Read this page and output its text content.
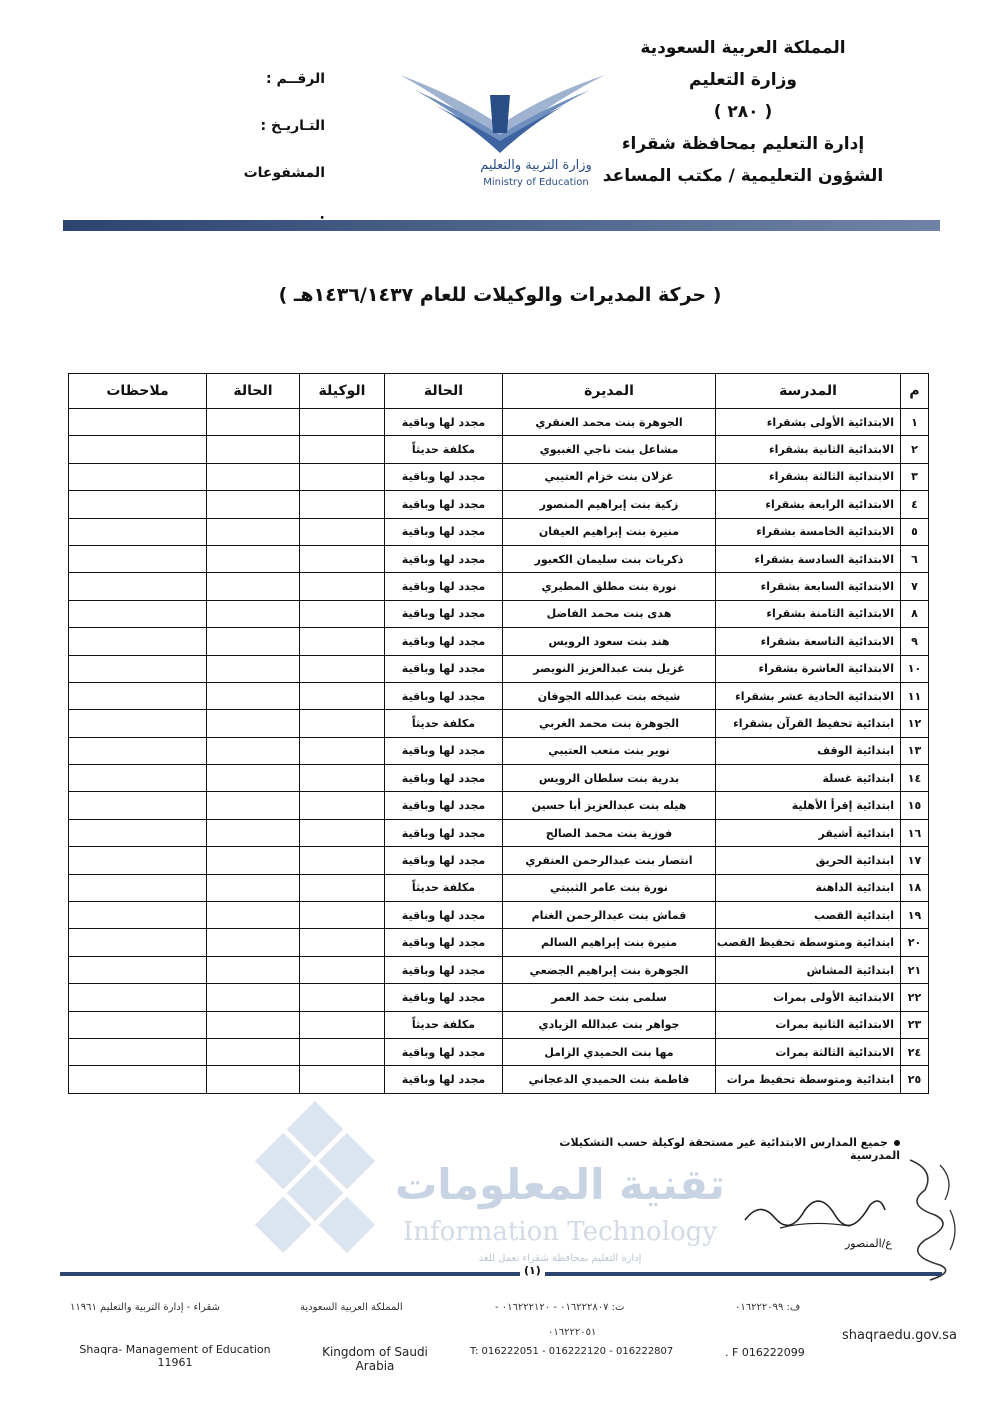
المملكة العربية السعودية
وزارة التعليم
( ٢٨٠ )
إدارة التعليم بمحافظة شقراء
الشؤون التعليمية / مكتب المساعد
الرقــم :
التـاريـخ :
المشفوعات	وزارة التربية والتعليم
Ministry of Education
( حركة المديرات والوكيلات للعام ١٤٣٦/١٤٣٧هـ )
م	المدرسة	المديرة	الحالة	الوكيلة	الحالة	ملاحظات
١	الابتدائية الأولى بشقراء	الجوهرة بنت محمد العنقري	مجدد لها وباقية			
٢	الابتدائية الثانية بشقراء	مشاعل بنت ناجي الغبيوي	مكلفة حديثاً			
٣	الابتدائية الثالثة بشقراء	غزلان بنت خزام العتيبي	مجدد لها وباقية			
٤	الابتدائية الرابعة بشقراء	زكية بنت إبراهيم المنصور	مجدد لها وباقية			
٥	الابتدائية الخامسة بشقراء	منيرة بنت إبراهيم العيفان	مجدد لها وباقية			
٦	الابتدائية السادسة بشقراء	ذكريات بنت سليمان الكعبور	مجدد لها وباقية			
٧	الابتدائية السابعة بشقراء	نورة بنت مطلق المطيري	مجدد لها وباقية			
٨	الابتدائية الثامنة بشقراء	هدى بنت محمد الفاضل	مجدد لها وباقية			
٩	الابتدائية التاسعة بشقراء	هند بنت سعود الرويس	مجدد لها وباقية			
١٠	الابتدائية العاشرة بشقراء	غزيل بنت عبدالعزيز النويصر	مجدد لها وباقية			
١١	الابتدائية الحادية عشر بشقراء	شيخه بنت عبدالله الجوفان	مجدد لها وباقية			
١٢	ابتدائية تحفيظ القرآن بشقراء	الجوهرة بنت محمد الغربي	مكلفة حديثاً			
١٣	ابتدائية الوقف	نوير بنت متعب العتيبي	مجدد لها وباقية			
١٤	ابتدائية غسلة	بدرية بنت سلطان الرويس	مجدد لها وباقية			
١٥	ابتدائية إقرأ الأهلية	هيله بنت عبدالعزيز أبا حسين	مجدد لها وباقية			
١٦	ابتدائية أشيقر	فوزية بنت محمد الصالح	مجدد لها وباقية			
١٧	ابتدائية الحريق	انتصار بنت عبدالرحمن العنقري	مجدد لها وباقية			
١٨	ابتدائية الداهنة	نورة بنت عامر الثبيتي	مكلفة حديثاً			
١٩	ابتدائية القصب	قماش بنت عبدالرحمن الغنام	مجدد لها وباقية			
٢٠	ابتدائية ومتوسطة تحفيظ القصب	منيرة بنت إبراهيم السالم	مجدد لها وباقية			
٢١	ابتدائية المشاش	الجوهرة بنت إبراهيم الجضعي	مجدد لها وباقية			
٢٢	الابتدائية الأولى بمرات	سلمى بنت حمد العمر	مجدد لها وباقية			
٢٣	الابتدائية الثانية بمرات	جواهر بنت عبدالله الزيادي	مكلفة حديثاً			
٢٤	الابتدائية الثالثة بمرات	مها بنت الحميدي الزامل	مجدد لها وباقية			
٢٥	ابتدائية ومتوسطة تحفيظ مرات	فاطمة بنت الحميدي الدعجاني	مجدد لها وباقية			
جميع المدارس الابتدائية غير مستحقة لوكيلة حسب التشكيلات المدرسية
تقنية المعلومات
Information Technology
إدارة التعليم بمحافظة شقراء نعمل للغد
ع/المنصور
(١)
شقراء - إدارة التربية والتعليم ١١٩٦١	المملكة العربية السعودية	ت: ٠١٦٢٢٢٨٠٧ - ٠١٦٢٢٢١٢٠ -
٠١٦٢٢٢٠٥١
ف: ٠١٦٢٢٢٠٩٩
Shaqra- Management of Education
11961
Kingdom of Saudi
Arabia
T: 016222051 - 016222120 - 016222807	. F 016222099
shaqraedu.gov.sa
